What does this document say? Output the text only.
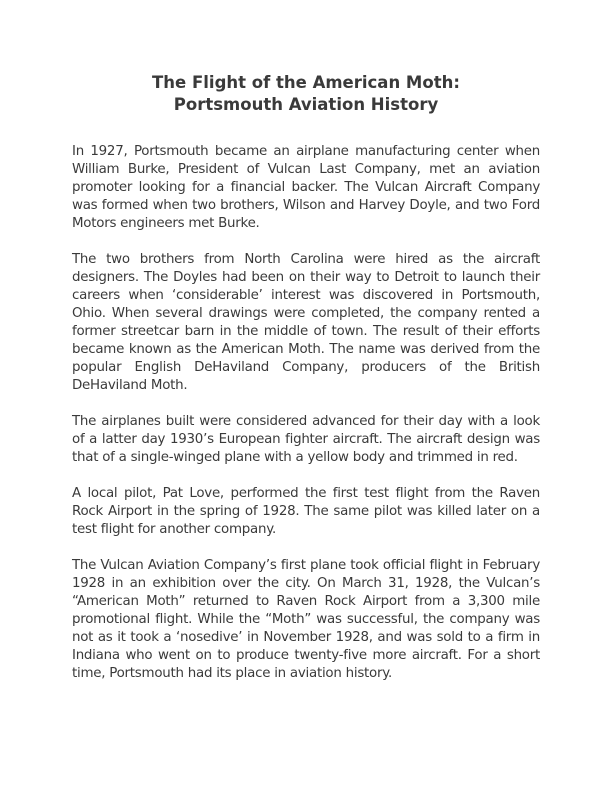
The Flight of the American Moth:
Portsmouth Aviation History

In 1927, Portsmouth became an airplane manufacturing center when William Burke, President of Vulcan Last Company, met an aviation promoter looking for a financial backer. The Vulcan Aircraft Company was formed when two brothers, Wilson and Harvey Doyle, and two Ford Motors engineers met Burke.

The two brothers from North Carolina were hired as the aircraft designers. The Doyles had been on their way to Detroit to launch their careers when ‘considerable’ interest was discovered in Portsmouth, Ohio. When several drawings were completed, the company rented a former streetcar barn in the middle of town. The result of their efforts became known as the American Moth. The name was derived from the popular English DeHaviland Company, producers of the British DeHaviland Moth.

The airplanes built were considered advanced for their day with a look of a latter day 1930’s European fighter aircraft. The aircraft design was that of a single-winged plane with a yellow body and trimmed in red.

A local pilot, Pat Love, performed the first test flight from the Raven Rock Airport in the spring of 1928. The same pilot was killed later on a test flight for another company.

The Vulcan Aviation Company’s first plane took official flight in February 1928 in an exhibition over the city. On March 31, 1928, the Vulcan’s “American Moth” returned to Raven Rock Airport from a 3,300 mile promotional flight. While the “Moth” was successful, the company was not as it took a ‘nosedive’ in November 1928, and was sold to a firm in Indiana who went on to produce twenty-five more aircraft. For a short time, Portsmouth had its place in aviation history.
